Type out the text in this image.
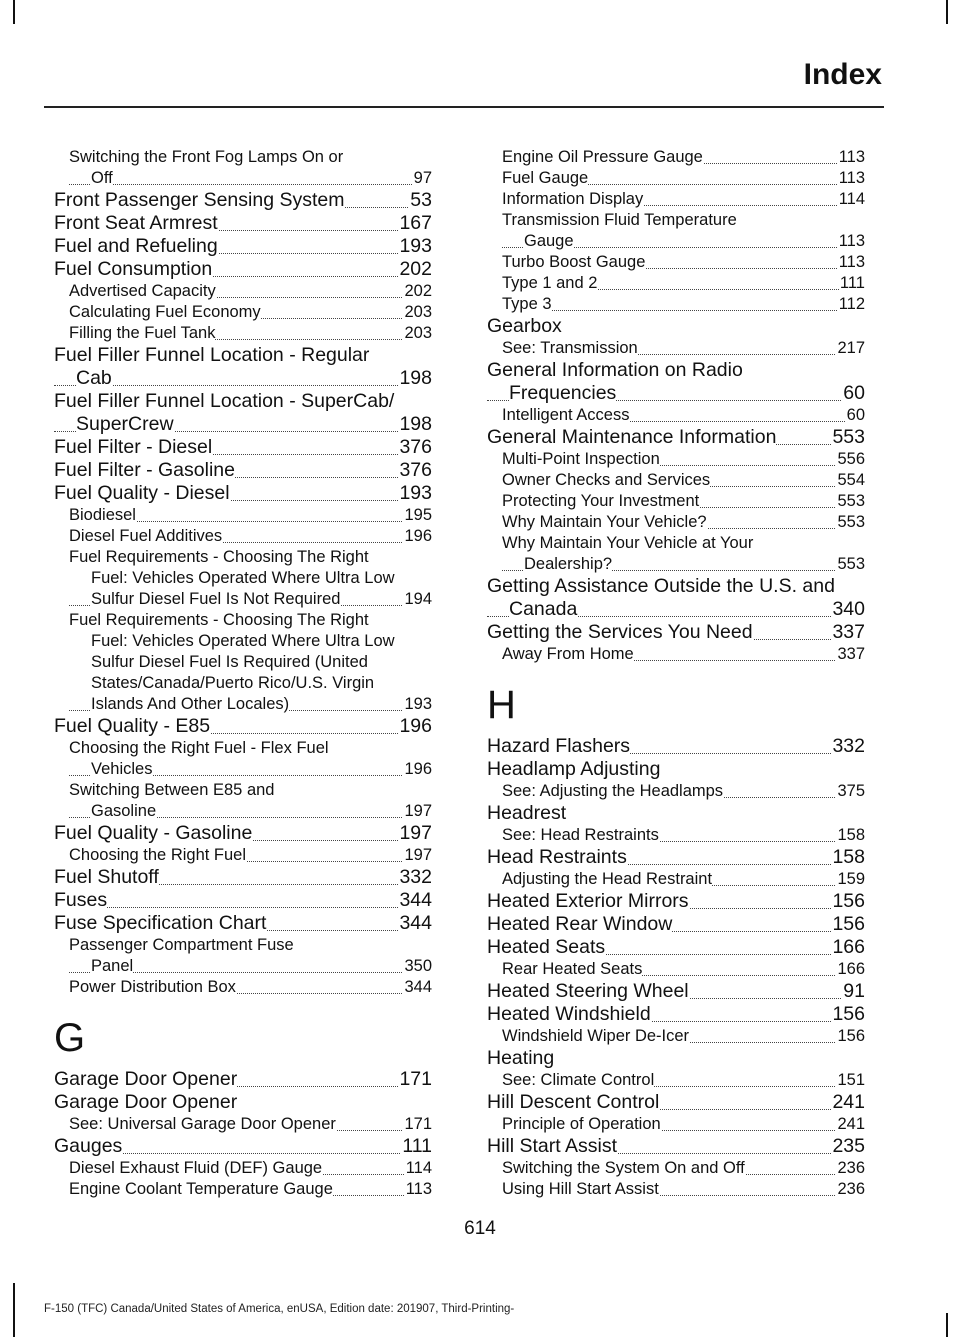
Index
Switching the Front Fog Lamps On or
Off	97
Front Passenger Sensing System	53
Front Seat Armrest	167
Fuel and Refueling	193
Fuel Consumption	202
Advertised Capacity	202
Calculating Fuel Economy	203
Filling the Fuel Tank	203
Fuel Filler Funnel Location - Regular
Cab	198
Fuel Filler Funnel Location - SuperCab/
SuperCrew	198
Fuel Filter - Diesel	376
Fuel Filter - Gasoline	376
Fuel Quality - Diesel	193
Biodiesel	195
Diesel Fuel Additives	196
Fuel Requirements - Choosing The Right
Fuel: Vehicles Operated Where Ultra Low
Sulfur Diesel Fuel Is Not Required	194
Fuel Requirements - Choosing The Right
Fuel: Vehicles Operated Where Ultra Low
Sulfur Diesel Fuel Is Required (United
States/Canada/Puerto Rico/U.S. Virgin
Islands And Other Locales)	193
Fuel Quality - E85	196
Choosing the Right Fuel - Flex Fuel
Vehicles	196
Switching Between E85 and
Gasoline	197
Fuel Quality - Gasoline	197
Choosing the Right Fuel	197
Fuel Shutoff	332
Fuses	344
Fuse Specification Chart	344
Passenger Compartment Fuse
Panel	350
Power Distribution Box	344
G
Garage Door Opener	171
Garage Door Opener
See: Universal Garage Door Opener	171
Gauges	111
Diesel Exhaust Fluid (DEF) Gauge	114
Engine Coolant Temperature Gauge	113
Engine Oil Pressure Gauge	113
Fuel Gauge	113
Information Display	114
Transmission Fluid Temperature
Gauge	113
Turbo Boost Gauge	113
Type 1 and 2	111
Type 3	112
Gearbox
See: Transmission	217
General Information on Radio
Frequencies	60
Intelligent Access	60
General Maintenance Information	553
Multi-Point Inspection	556
Owner Checks and Services	554
Protecting Your Investment	553
Why Maintain Your Vehicle?	553
Why Maintain Your Vehicle at Your
Dealership?	553
Getting Assistance Outside the U.S. and
Canada	340
Getting the Services You Need	337
Away From Home	337
H
Hazard Flashers	332
Headlamp Adjusting
See: Adjusting the Headlamps	375
Headrest
See: Head Restraints	158
Head Restraints	158
Adjusting the Head Restraint	159
Heated Exterior Mirrors	156
Heated Rear Window	156
Heated Seats	166
Rear Heated Seats	166
Heated Steering Wheel	91
Heated Windshield	156
Windshield Wiper De-Icer	156
Heating
See: Climate Control	151
Hill Descent Control	241
Principle of Operation	241
Hill Start Assist	235
Switching the System On and Off	236
Using Hill Start Assist	236
614
F-150 (TFC) Canada/United States of America, enUSA, Edition date: 201907, Third-Printing-
